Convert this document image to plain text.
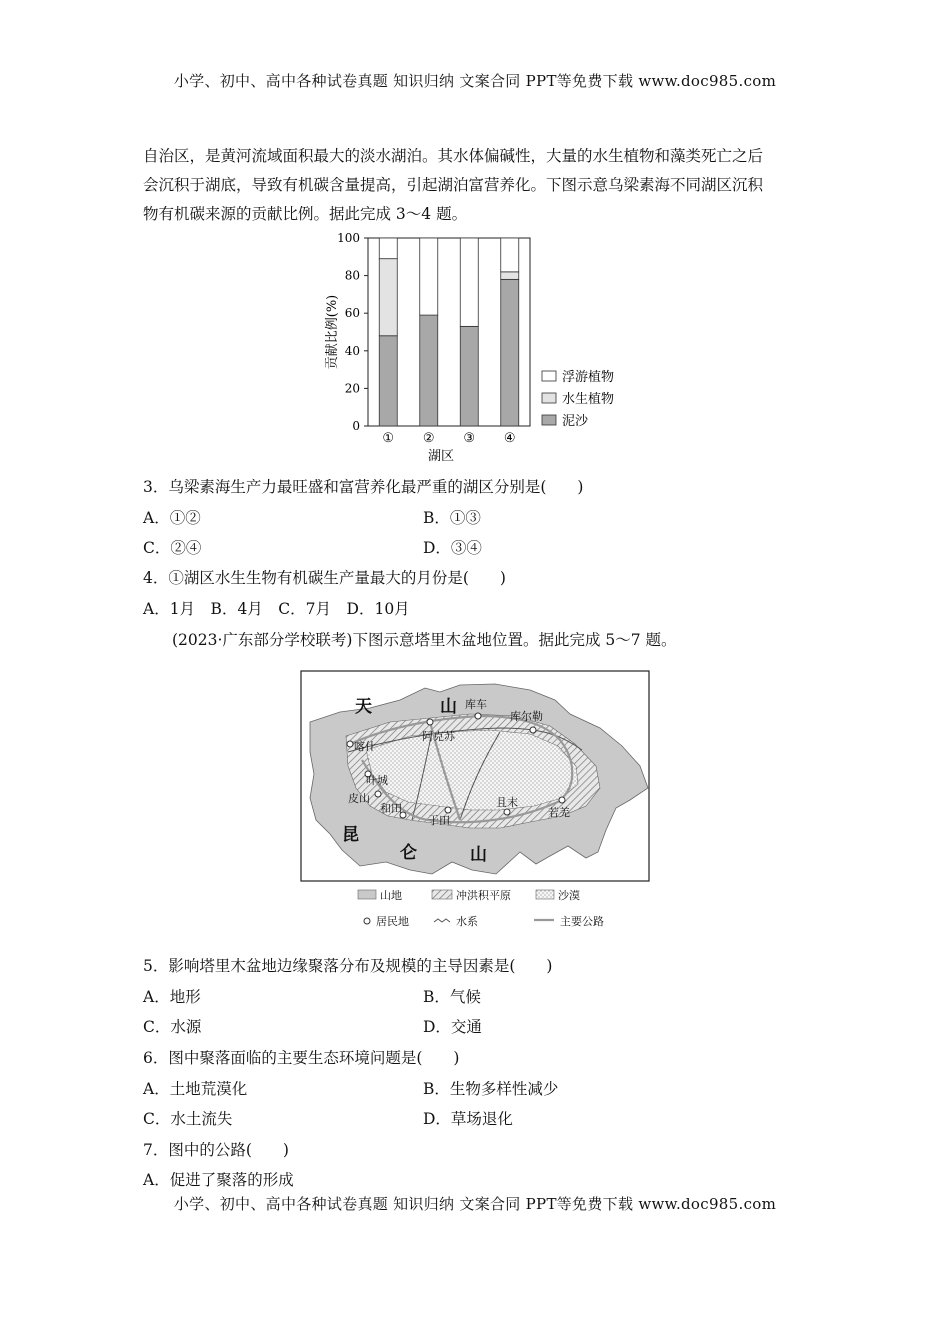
小学、初中、高中各种试卷真题 知识归纳 文案合同 PPT等免费下载 www.doc985.com
自治区，是黄河流域面积最大的淡水湖泊。其水体偏碱性，大量的水生植物和藻类死亡之后
会沉积于湖底，导致有机碳含量提高，引起湖泊富营养化。下图示意乌梁素海不同湖区沉积
物有机碳来源的贡献比例。据此完成 3～4 题。
0
20
40
60
80
100
贡献比例(%)
湖区
① ② ③ ④
浮游植物
水生植物
泥沙
3．乌梁素海生产力最旺盛和富营养化最严重的湖区分别是(　　)
A．①②	B．①③
C．②④	D．③④
4．①湖区水生生物有机碳生产量最大的月份是(　　)
A．1月　B．4月　C．7月　D．10月
(2023·广东部分学校联考)下图示意塔里木盆地位置。据此完成 5～7 题。
天	山
昆
仑	山
库车
库尔勒
阿克苏
喀什
叶城
皮山
和田
于田
且末
若羌
山地	冲洪积平原	沙漠
居民地	水系	主要公路
5．影响塔里木盆地边缘聚落分布及规模的主导因素是(　　)
A．地形	B．气候
C．水源	D．交通
6．图中聚落面临的主要生态环境问题是(　　)
A．土地荒漠化	B．生物多样性减少
C．水土流失	D．草场退化
7．图中的公路(　　)
A．促进了聚落的形成
小学、初中、高中各种试卷真题 知识归纳 文案合同 PPT等免费下载 www.doc985.com
